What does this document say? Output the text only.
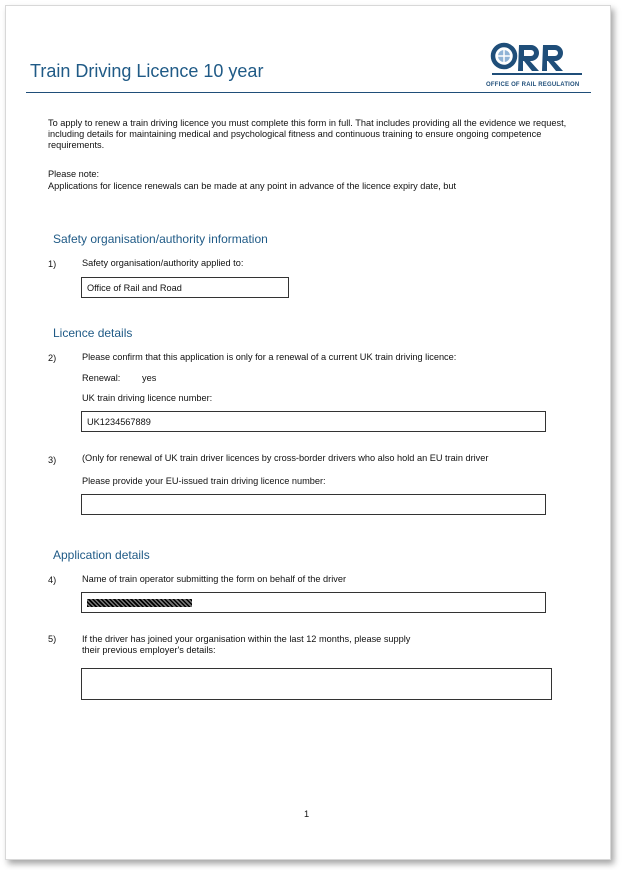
Train Driving Licence 10 year
OFFICE OF RAIL REGULATION
To apply to renew a train driving licence you must complete this form in full. That includes providing all the evidence we request, including details for maintaining medical and psychological fitness and continuous training to ensure ongoing competence requirements.
Please note:
Applications for licence renewals can be made at any point in advance of the licence expiry date, but
Safety organisation/authority information
1)	Safety organisation/authority applied to:
Office of Rail and Road
Licence details
2)	Please confirm that this application is only for a renewal of a current UK train driving licence:
Renewal: yes
UK train driving licence number:
UK1234567889
3)	(Only for renewal of UK train driver licences by cross-border drivers who also hold an EU train driver
Please provide your EU-issued train driving licence number:
Application details
4)	Name of train operator submitting the form on behalf of the driver
5)	If the driver has joined your organisation within the last 12 months, please supply
their previous employer's details:
1
